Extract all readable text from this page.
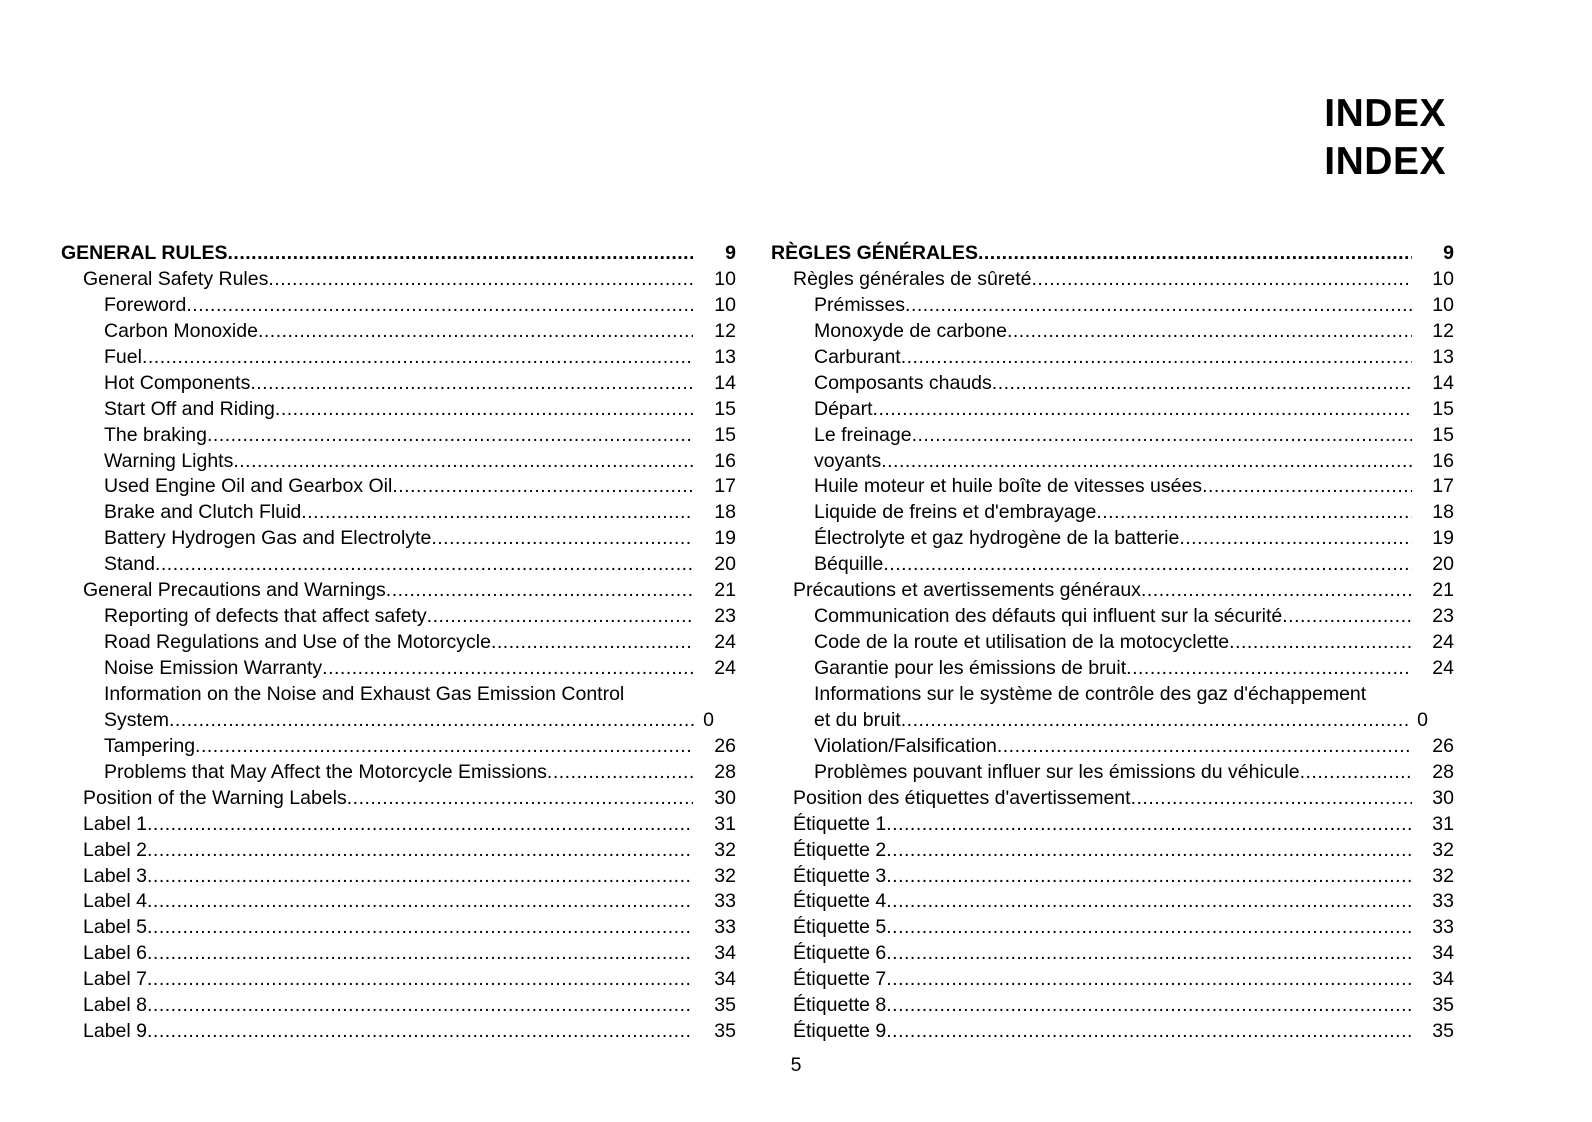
INDEX
INDEX
GENERAL RULES .....	9
General Safety Rules .....	10
Foreword .....	10
Carbon Monoxide .....	12
Fuel .....	13
Hot Components .....	14
Start Off and Riding .....	15
The braking .....	15
Warning Lights .....	16
Used Engine Oil and Gearbox Oil .....	17
Brake and Clutch Fluid .....	18
Battery Hydrogen Gas and Electrolyte .....	19
Stand .....	20
General Precautions and Warnings .....	21
Reporting of defects that affect safety .....	23
Road Regulations and Use of the Motorcycle .....	24
Noise Emission Warranty .....	24
Information on the Noise and Exhaust Gas Emission Control
System .....	0
Tampering .....	26
Problems that May Affect the Motorcycle Emissions .....	28
Position of the Warning Labels .....	30
Label 1 .....	31
Label 2 .....	32
Label 3 .....	32
Label 4 .....	33
Label 5 .....	33
Label 6 .....	34
Label 7 .....	34
Label 8 .....	35
Label 9 .....	35
RÈGLES GÉNÉRALES .....	9
Règles générales de sûreté .....	10
Prémisses .....	10
Monoxyde de carbone .....	12
Carburant .....	13
Composants chauds .....	14
Départ .....	15
Le freinage .....	15
voyants .....	16
Huile moteur et huile boîte de vitesses usées .....	17
Liquide de freins et d'embrayage .....	18
Électrolyte et gaz hydrogène de la batterie .....	19
Béquille .....	20
Précautions et avertissements généraux .....	21
Communication des défauts qui influent sur la sécurité .....	23
Code de la route et utilisation de la motocyclette .....	24
Garantie pour les émissions de bruit .....	24
Informations sur le système de contrôle des gaz d'échappement
et du bruit .....	0
Violation/Falsification .....	26
Problèmes pouvant influer sur les émissions du véhicule .....	28
Position des étiquettes d'avertissement .....	30
Étiquette 1 .....	31
Étiquette 2 .....	32
Étiquette 3 .....	32
Étiquette 4 .....	33
Étiquette 5 .....	33
Étiquette 6 .....	34
Étiquette 7 .....	34
Étiquette 8 .....	35
Étiquette 9 .....	35
5
